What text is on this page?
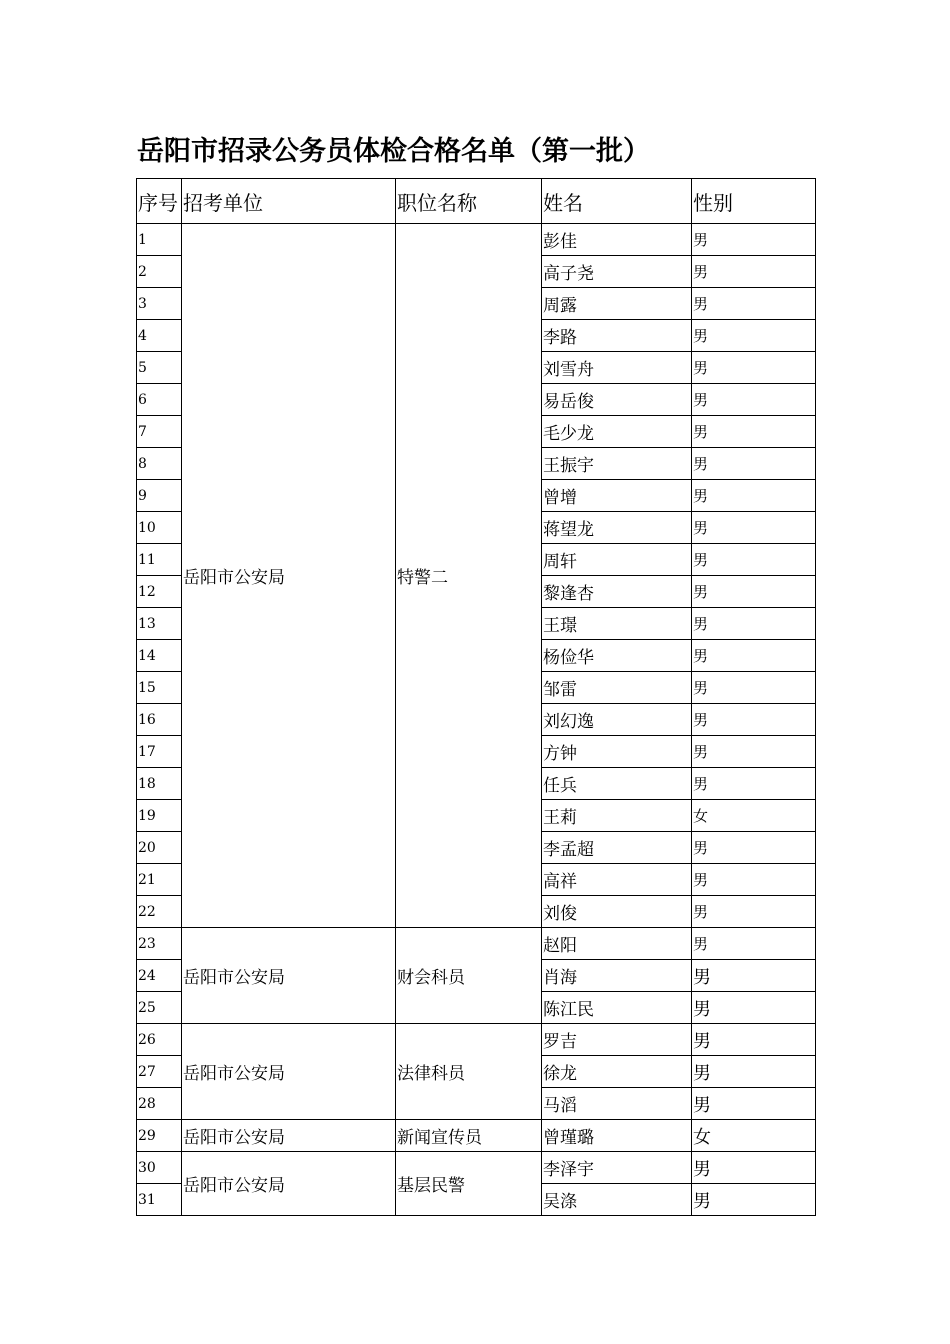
岳阳市招录公务员体检合格名单（第一批）
序号	招考单位	职位名称	姓名	性别
1	岳阳市公安局	特警二	彭佳	男
2			高子尧	男
3			周露	男
4			李路	男
5			刘雪舟	男
6			易岳俊	男
7			毛少龙	男
8			王振宇	男
9			曾增	男
10			蒋望龙	男
11			周轩	男
12			黎逢杏	男
13			王璟	男
14			杨俭华	男
15			邹雷	男
16			刘幻逸	男
17			方钟	男
18			任兵	男
19			王莉	女
20			李孟超	男
21			高祥	男
22			刘俊	男
23	岳阳市公安局	财会科员	赵阳	男
24			肖海	男
25			陈江民	男
26	岳阳市公安局	法律科员	罗吉	男
27			徐龙	男
28			马滔	男
29	岳阳市公安局	新闻宣传员	曾瑾璐	女
30	岳阳市公安局	基层民警	李泽宇	男
31			吴涤	男
